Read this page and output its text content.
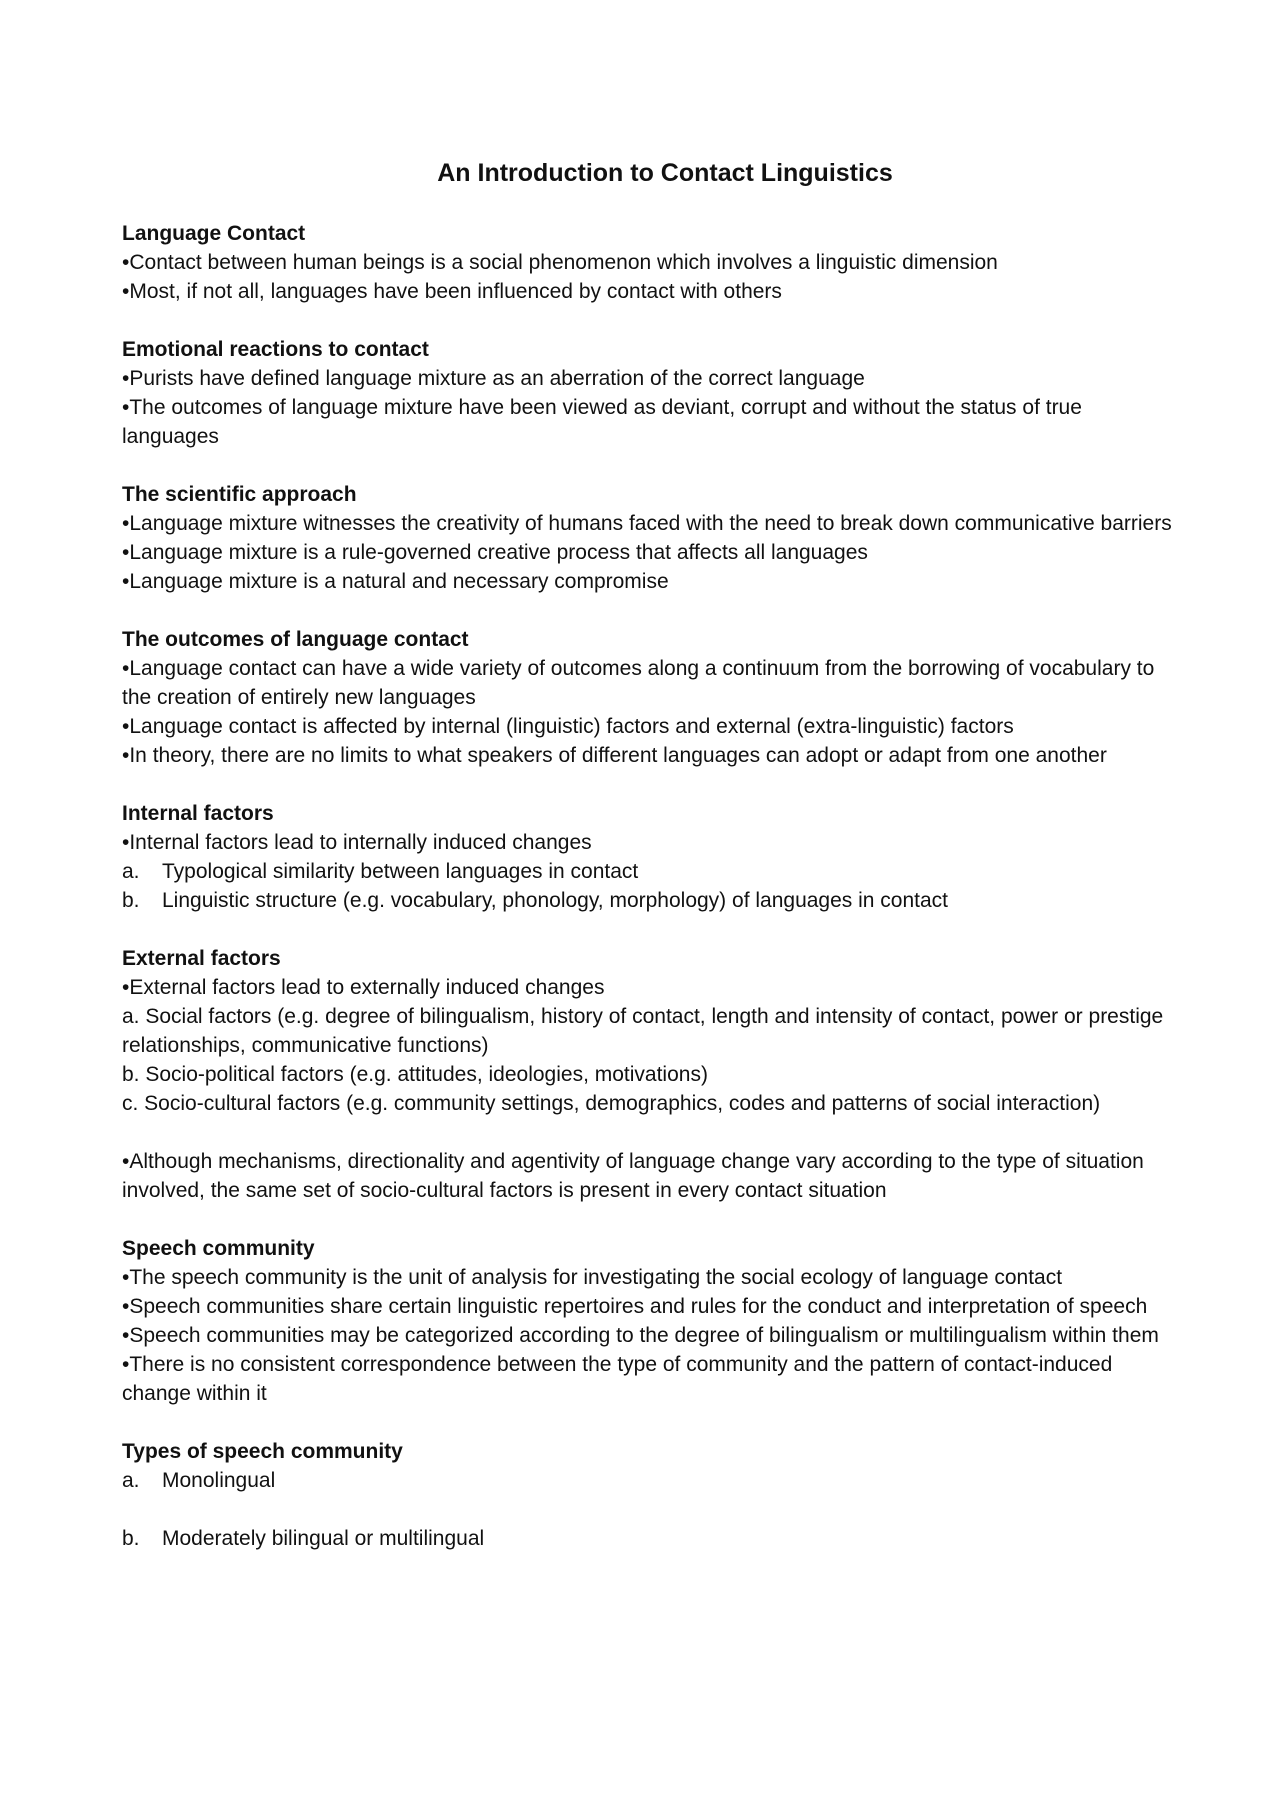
An Introduction to Contact Linguistics

Language Contact

•Contact between human beings is a social phenomenon which involves a linguistic dimension

•Most, if not all, languages have been influenced by contact with others

Emotional reactions to contact

•Purists have defined language mixture as an aberration of the correct language

•The outcomes of language mixture have been viewed as deviant, corrupt and without the status of true languages

The scientific approach

•Language mixture witnesses the creativity of humans faced with the need to break down communicative barriers

•Language mixture is a rule-governed creative process that affects all languages

•Language mixture is a natural and necessary compromise

The outcomes of language contact

•Language contact can have a wide variety of outcomes along a continuum from the borrowing of vocabulary to the creation of entirely new languages

•Language contact is affected by internal (linguistic) factors and external (extra-linguistic) factors

•In theory, there are no limits to what speakers of different languages can adopt or adapt from one another

Internal factors

•Internal factors lead to internally induced changes

a.	Typological similarity between languages in contact
b.	Linguistic structure (e.g. vocabulary, phonology, morphology) of languages in contact

External factors

•External factors lead to externally induced changes

a. Social factors (e.g. degree of bilingualism, history of contact, length and intensity of contact, power or prestige relationships, communicative functions)

b. Socio-political factors (e.g. attitudes, ideologies, motivations)

c. Socio-cultural factors (e.g. community settings, demographics, codes and patterns of social interaction)

•Although mechanisms, directionality and agentivity of language change vary according to the type of situation involved, the same set of socio-cultural factors is present in every contact situation

Speech community

•The speech community is the unit of analysis for investigating the social ecology of language contact

•Speech communities share certain linguistic repertoires and rules for the conduct and interpretation of speech

•Speech communities may be categorized according to the degree of bilingualism or multilingualism within them

•There is no consistent correspondence between the type of community and the pattern of contact-induced change within it

Types of speech community

a.	Monolingual
b.	Moderately bilingual or multilingual
